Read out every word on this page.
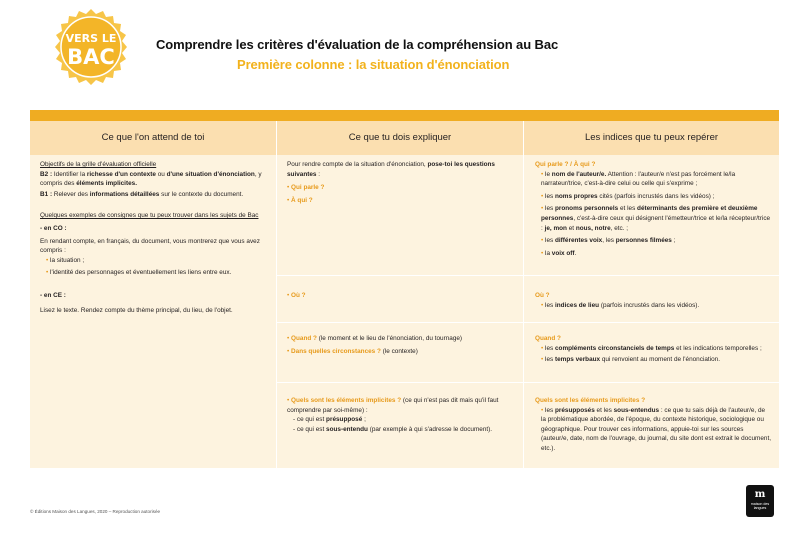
VERS LE
BAC
Comprendre les critères d'évaluation de la compréhension au Bac
Première colonne : la situation d'énonciation
Ce que l'on attend de toi	Ce que tu dois expliquer	Les indices que tu peux repérer

Objectifs de la grille d'évaluation officielle

B2 : Identifier la richesse d'un contexte ou d'une situation d'énonciation, y compris des éléments implicites.

B1 : Relever des informations détaillées sur le contexte du document.

Quelques exemples de consignes que tu peux trouver dans les sujets de Bac

- en CO :

En rendant compte, en français, du document, vous montrerez que vous avez compris :

• la situation ;

• l'identité des personnages et éventuellement les liens entre eux.

- en CE :

Lisez le texte. Rendez compte du thème principal, du lieu, de l'objet.

Pour rendre compte de la situation d'énonciation, pose-toi les questions suivantes :

• Qui parle ?

• À qui ?

• Où ?

• Quand ? (le moment et le lieu de l'énonciation, du tournage)

• Dans quelles circonstances ? (le contexte)

• Quels sont les éléments implicites ? (ce qui n'est pas dit mais qu'il faut comprendre par soi-même) :

- ce qui est présupposé ;

- ce qui est sous-entendu (par exemple à qui s'adresse le document).

Qui parle ? / À qui ?

• le nom de l'auteur/e. Attention : l'auteur/e n'est pas forcément le/la narrateur/trice, c'est-à-dire celui ou celle qui s'exprime ;

• les noms propres cités (parfois incrustés dans les vidéos) ;

• les pronoms personnels et les déterminants des première et deuxième personnes, c'est-à-dire ceux qui désignent l'émetteur/trice et le/la récepteur/trice : je, mon et nous, notre, etc. ;

• les différentes voix, les personnes filmées ;

• la voix off.

Où ?

• les indices de lieu (parfois incrustés dans les vidéos).

Quand ?

• les compléments circonstanciels de temps et les indications temporelles ;

• les temps verbaux qui renvoient au moment de l'énonciation.

Quels sont les éléments implicites ?

• les présupposés et les sous-entendus : ce que tu sais déjà de l'auteur/e, de la problématique abordée, de l'époque, du contexte historique, sociologique ou géographique. Pour trouver ces informations, appuie-toi sur les sources (auteur/e, date, nom de l'ouvrage, du journal, du site dont est extrait le document, etc.).

© Éditions Maison des Langues, 2020 – Reproduction autorisée
m
maison des langues
